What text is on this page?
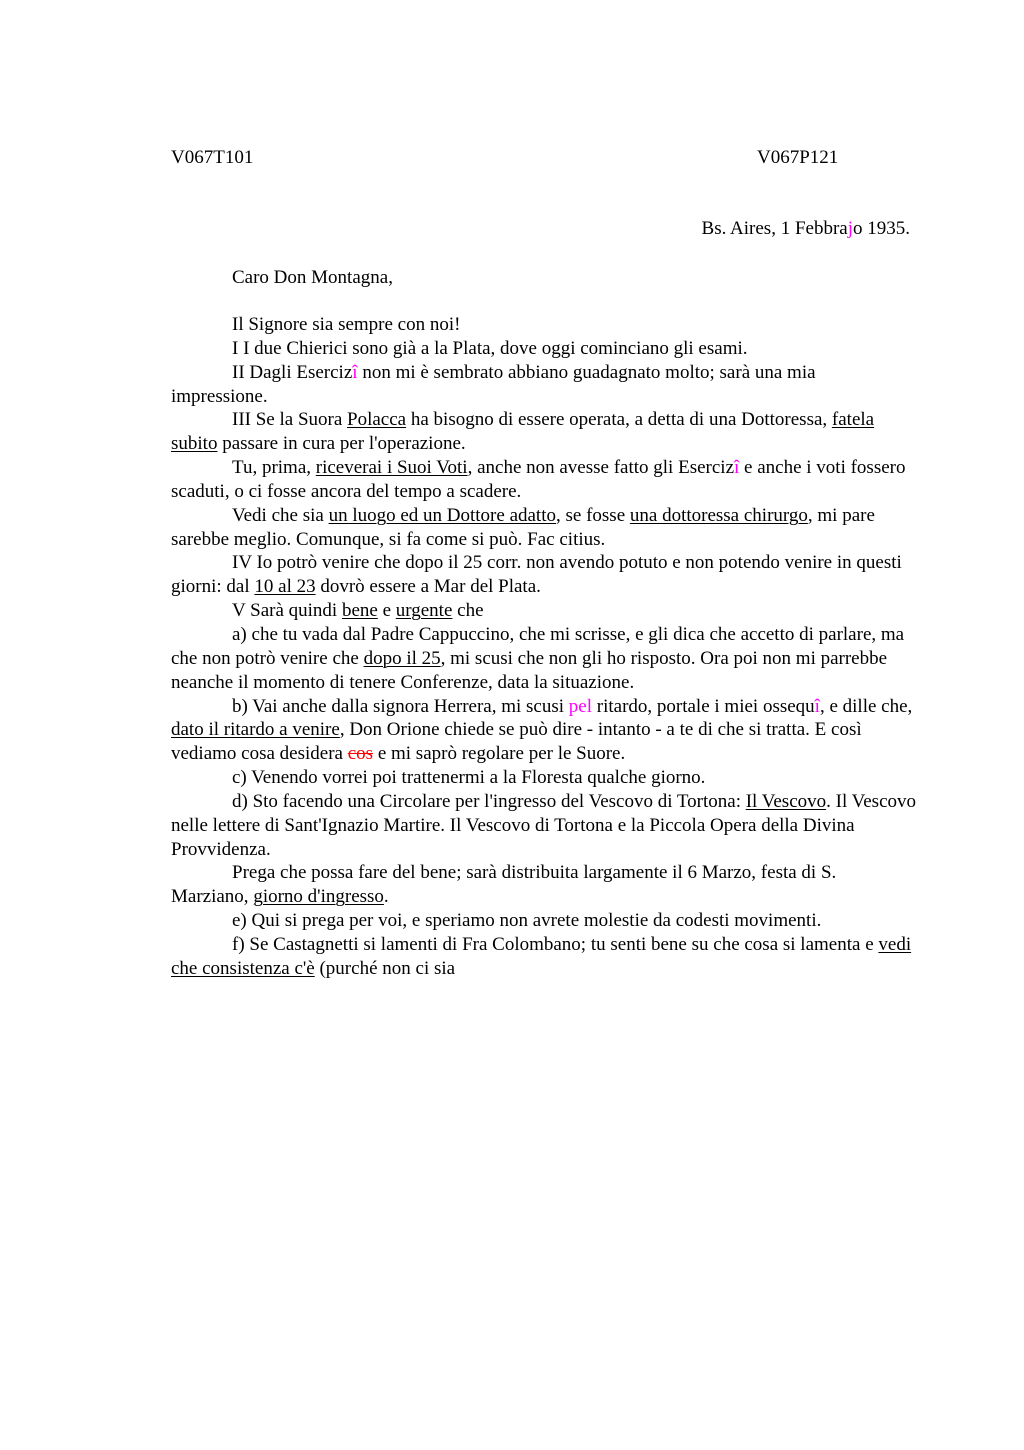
V067T101	V067P121
Bs. Aires, 1 Febbrajo 1935.
Caro Don Montagna,

Il Signore sia sempre con noi!

I I due Chierici sono già a la Plata, dove oggi cominciano gli esami.

II Dagli Esercizî non mi è sembrato abbiano guadagnato molto; sarà una mia impressione.

III Se la Suora Polacca ha bisogno di essere operata, a detta di una Dottoressa, fatela subito passare in cura per l'operazione.

Tu, prima, riceverai i Suoi Voti, anche non avesse fatto gli Esercizî e anche i voti fossero scaduti, o ci fosse ancora del tempo a scadere.

Vedi che sia un luogo ed un Dottore adatto, se fosse una dottoressa chirurgo, mi pare sarebbe meglio. Comunque, si fa come si può. Fac citius.

IV Io potrò venire che dopo il 25 corr. non avendo potuto e non potendo venire in questi giorni: dal 10 al 23 dovrò essere a Mar del Plata.

V Sarà quindi bene e urgente che

a) che tu vada dal Padre Cappuccino, che mi scrisse, e gli dica che accetto di parlare, ma che non potrò venire che dopo il 25, mi scusi che non gli ho risposto. Ora poi non mi parrebbe neanche il momento di tenere Conferenze, data la situazione.

b) Vai anche dalla signora Herrera, mi scusi pel ritardo, portale i miei ossequî, e dille che, dato il ritardo a venire, Don Orione chiede se può dire - intanto - a te di che si tratta. E così vediamo cosa desidera cos e mi saprò regolare per le Suore.

c) Venendo vorrei poi trattenermi a la Floresta qualche giorno.

d) Sto facendo una Circolare per l'ingresso del Vescovo di Tortona: Il Vescovo. Il Vescovo nelle lettere di Sant'Ignazio Martire. Il Vescovo di Tortona e la Piccola Opera della Divina Provvidenza.

Prega che possa fare del bene; sarà distribuita largamente il 6 Marzo, festa di S. Marziano, giorno d'ingresso.

e) Qui si prega per voi, e speriamo non avrete molestie da codesti movimenti.

f) Se Castagnetti si lamenti di Fra Colombano; tu senti bene su che cosa si lamenta e vedi che consistenza c'è (purché non ci sia
